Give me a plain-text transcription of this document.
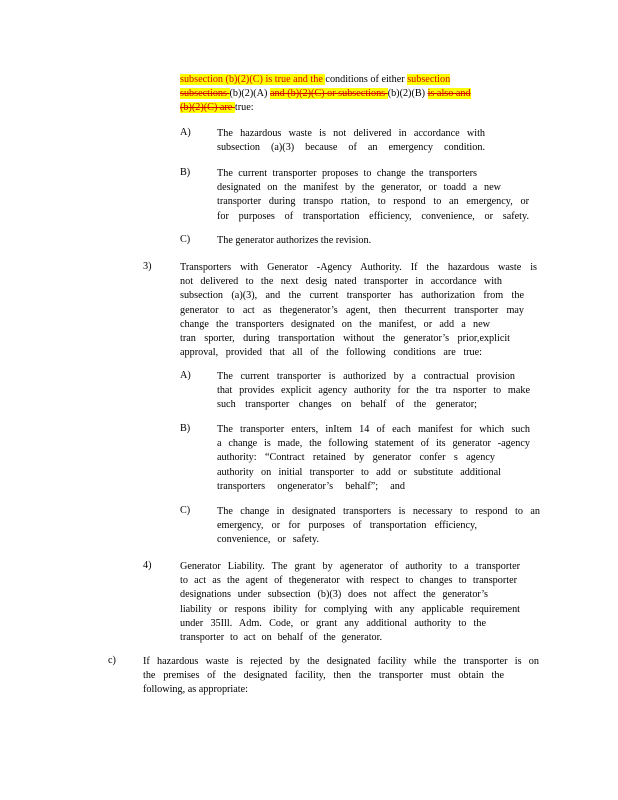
subsection (b)(2)(C) is true and the conditions of either subsection
subsections (b)(2)(A) and (b)(2)(C) or subsections (b)(2)(B) is also and
(b)(2)(C) are true:
A)	The hazardous waste is not delivered in accordance with
subsection (a)(3) because of an emergency condition.
B)	The current transporter proposes to change the transporters
designated on the manifest by the generator, or toadd a new
transporter during transpo rtation, to respond to an emergency, or
for purposes of transportation efficiency, convenience, or safety.
C)	The generator authorizes the revision.
3)	Transporters with Generator -Agency Authority. If the hazardous waste is
not delivered to the next desig nated transporter in accordance with
subsection (a)(3), and the current transporter has authorization from the
generator to act as thegenerator’s agent, then thecurrent transporter may
change the transporters designated on the manifest, or add a new
tran sporter, during transportation without the generator’s prior,explicit
approval, provided that all of the following conditions are true:
A)	The current transporter is authorized by a contractual provision
that provides explicit agency authority for the tra nsporter to make
such transporter changes on behalf of the generator;
B)	The transporter enters, inItem 14 of each manifest for which such
a change is made, the following statement of its generator -agency
authority: “Contract retained by generator confer s agency
authority on initial transporter to add or substitute additional
transporters ongenerator’s behalf”; and
C)	The change in designated transporters is necessary to respond to an
emergency, or for purposes of transportation efficiency,
convenience, or safety.
4)	Generator Liability. The grant by agenerator of authority to a transporter
to act as the agent of thegenerator with respect to changes to transporter
designations under subsection (b)(3) does not affect the generator’s
liability or respons ibility for complying with any applicable requirement
under 35Ill. Adm. Code, or grant any additional authority to the
transporter to act on behalf of the generator.
c)	If hazardous waste is rejected by the designated facility while the transporter is on
the premises of the designated facility, then the transporter must obtain the
following, as appropriate:
